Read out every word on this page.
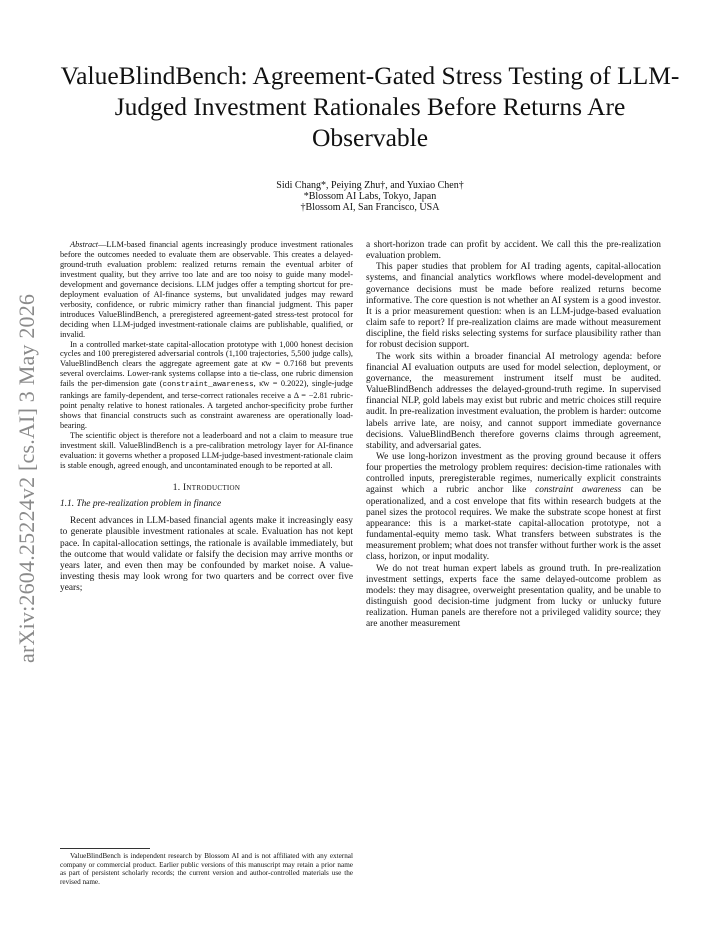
arXiv:2604.25224v2 [cs.AI] 3 May 2026
ValueBlindBench: Agreement-Gated Stress Testing of LLM-Judged Investment Rationales Before Returns Are Observable
Sidi Chang*, Peiying Zhu†, and Yuxiao Chen†
*Blossom AI Labs, Tokyo, Japan
†Blossom AI, San Francisco, USA

Abstract—LLM-based financial agents increasingly produce investment rationales before the outcomes needed to evaluate them are observable. This creates a delayed-ground-truth evaluation problem: realized returns remain the eventual arbiter of investment quality, but they arrive too late and are too noisy to guide many model-development and governance decisions. LLM judges offer a tempting shortcut for pre-deployment evaluation of AI-finance systems, but unvalidated judges may reward verbosity, confidence, or rubric mimicry rather than financial judgment. This paper introduces ValueBlindBench, a preregistered agreement-gated stress-test protocol for deciding when LLM-judged investment-rationale claims are publishable, qualified, or invalid.

In a controlled market-state capital-allocation prototype with 1,000 honest decision cycles and 100 preregistered adversarial controls (1,100 trajectories, 5,500 judge calls), ValueBlindBench clears the aggregate agreement gate at κ̄w = 0.7168 but prevents several overclaims. Lower-rank systems collapse into a tie-class, one rubric dimension fails the per-dimension gate (constraint_awareness, κ̄w = 0.2022), single-judge rankings are family-dependent, and terse-correct rationales receive a Δ = −2.81 rubric-point penalty relative to honest rationales. A targeted anchor-specificity probe further shows that financial constructs such as constraint awareness are operationally load-bearing.

The scientific object is therefore not a leaderboard and not a claim to measure true investment skill. ValueBlindBench is a pre-calibration metrology layer for AI-finance evaluation: it governs whether a proposed LLM-judge-based investment-rationale claim is stable enough, agreed enough, and uncontaminated enough to be reported at all.

1. Introduction
1.1. The pre-realization problem in finance

Recent advances in LLM-based financial agents make it increasingly easy to generate plausible investment rationales at scale. Evaluation has not kept pace. In capital-allocation settings, the rationale is available immediately, but the outcome that would validate or falsify the decision may arrive months or years later, and even then may be confounded by market noise. A value-investing thesis may look wrong for two quarters and be correct over five years;

a short-horizon trade can profit by accident. We call this the pre-realization evaluation problem.

This paper studies that problem for AI trading agents, capital-allocation systems, and financial analytics workflows where model-development and governance decisions must be made before realized returns become informative. The core question is not whether an AI system is a good investor. It is a prior measurement question: when is an LLM-judge-based evaluation claim safe to report? If pre-realization claims are made without measurement discipline, the field risks selecting systems for surface plausibility rather than for robust decision support.

The work sits within a broader financial AI metrology agenda: before financial AI evaluation outputs are used for model selection, deployment, or governance, the measurement instrument itself must be audited. ValueBlindBench addresses the delayed-ground-truth regime. In supervised financial NLP, gold labels may exist but rubric and metric choices still require audit. In pre-realization investment evaluation, the problem is harder: outcome labels arrive late, are noisy, and cannot support immediate governance decisions. ValueBlindBench therefore governs claims through agreement, stability, and adversarial gates.

We use long-horizon investment as the proving ground because it offers four properties the metrology problem requires: decision-time rationales with controlled inputs, preregisterable regimes, numerically explicit constraints against which a rubric anchor like constraint awareness can be operationalized, and a cost envelope that fits within research budgets at the panel sizes the protocol requires. We make the substrate scope honest at first appearance: this is a market-state capital-allocation prototype, not a fundamental-equity memo task. What transfers between substrates is the measurement problem; what does not transfer without further work is the asset class, horizon, or input modality.

We do not treat human expert labels as ground truth. In pre-realization investment settings, experts face the same delayed-outcome problem as models: they may disagree, overweight presentation quality, and be unable to distinguish good decision-time judgment from lucky or unlucky future realization. Human panels are therefore not a privileged validity source; they are another measurement

ValueBlindBench is independent research by Blossom AI and is not affiliated with any external company or commercial product. Earlier public versions of this manuscript may retain a prior name as part of persistent scholarly records; the current version and author-controlled materials use the revised name.
